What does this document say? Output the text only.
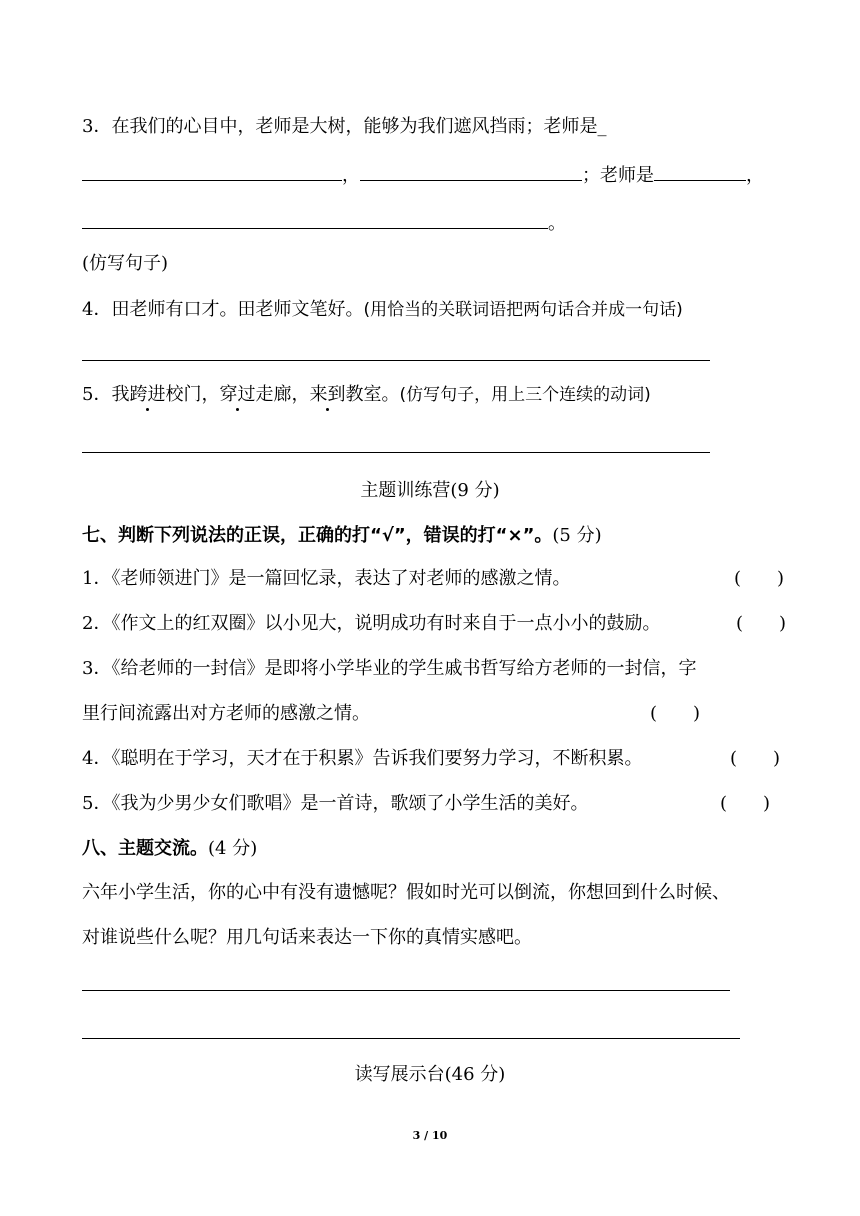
3．在我们的心目中，老师是大树，能够为我们遮风挡雨；老师是_
，	；老师是	，
。
(仿写句子)
4．田老师有口才。田老师文笔好。(用恰当的关联词语把两句话合并成一句话)
5．我跨进校门，穿过走廊，来到教室。(仿写句子，用上三个连续的动词)
主题训练营(9 分)
七、判断下列说法的正误，正确的打“√”，错误的打“×”。(5 分)
1．《老师领进门》是一篇回忆录，表达了对老师的感激之情。	(　　)
2．《作文上的红双圈》以小见大，说明成功有时来自于一点小小的鼓励。	(　　)
3．《给老师的一封信》是即将小学毕业的学生戚书哲写给方老师的一封信，字
里行间流露出对方老师的感激之情。	(　　)
4．《聪明在于学习，天才在于积累》告诉我们要努力学习，不断积累。	(　　)
5．《我为少男少女们歌唱》是一首诗，歌颂了小学生活的美好。	(　　)
八、主题交流。(4 分)
六年小学生活，你的心中有没有遗憾呢？假如时光可以倒流，你想回到什么时候、
对谁说些什么呢？用几句话来表达一下你的真情实感吧。
读写展示台(46 分)
3 / 10
